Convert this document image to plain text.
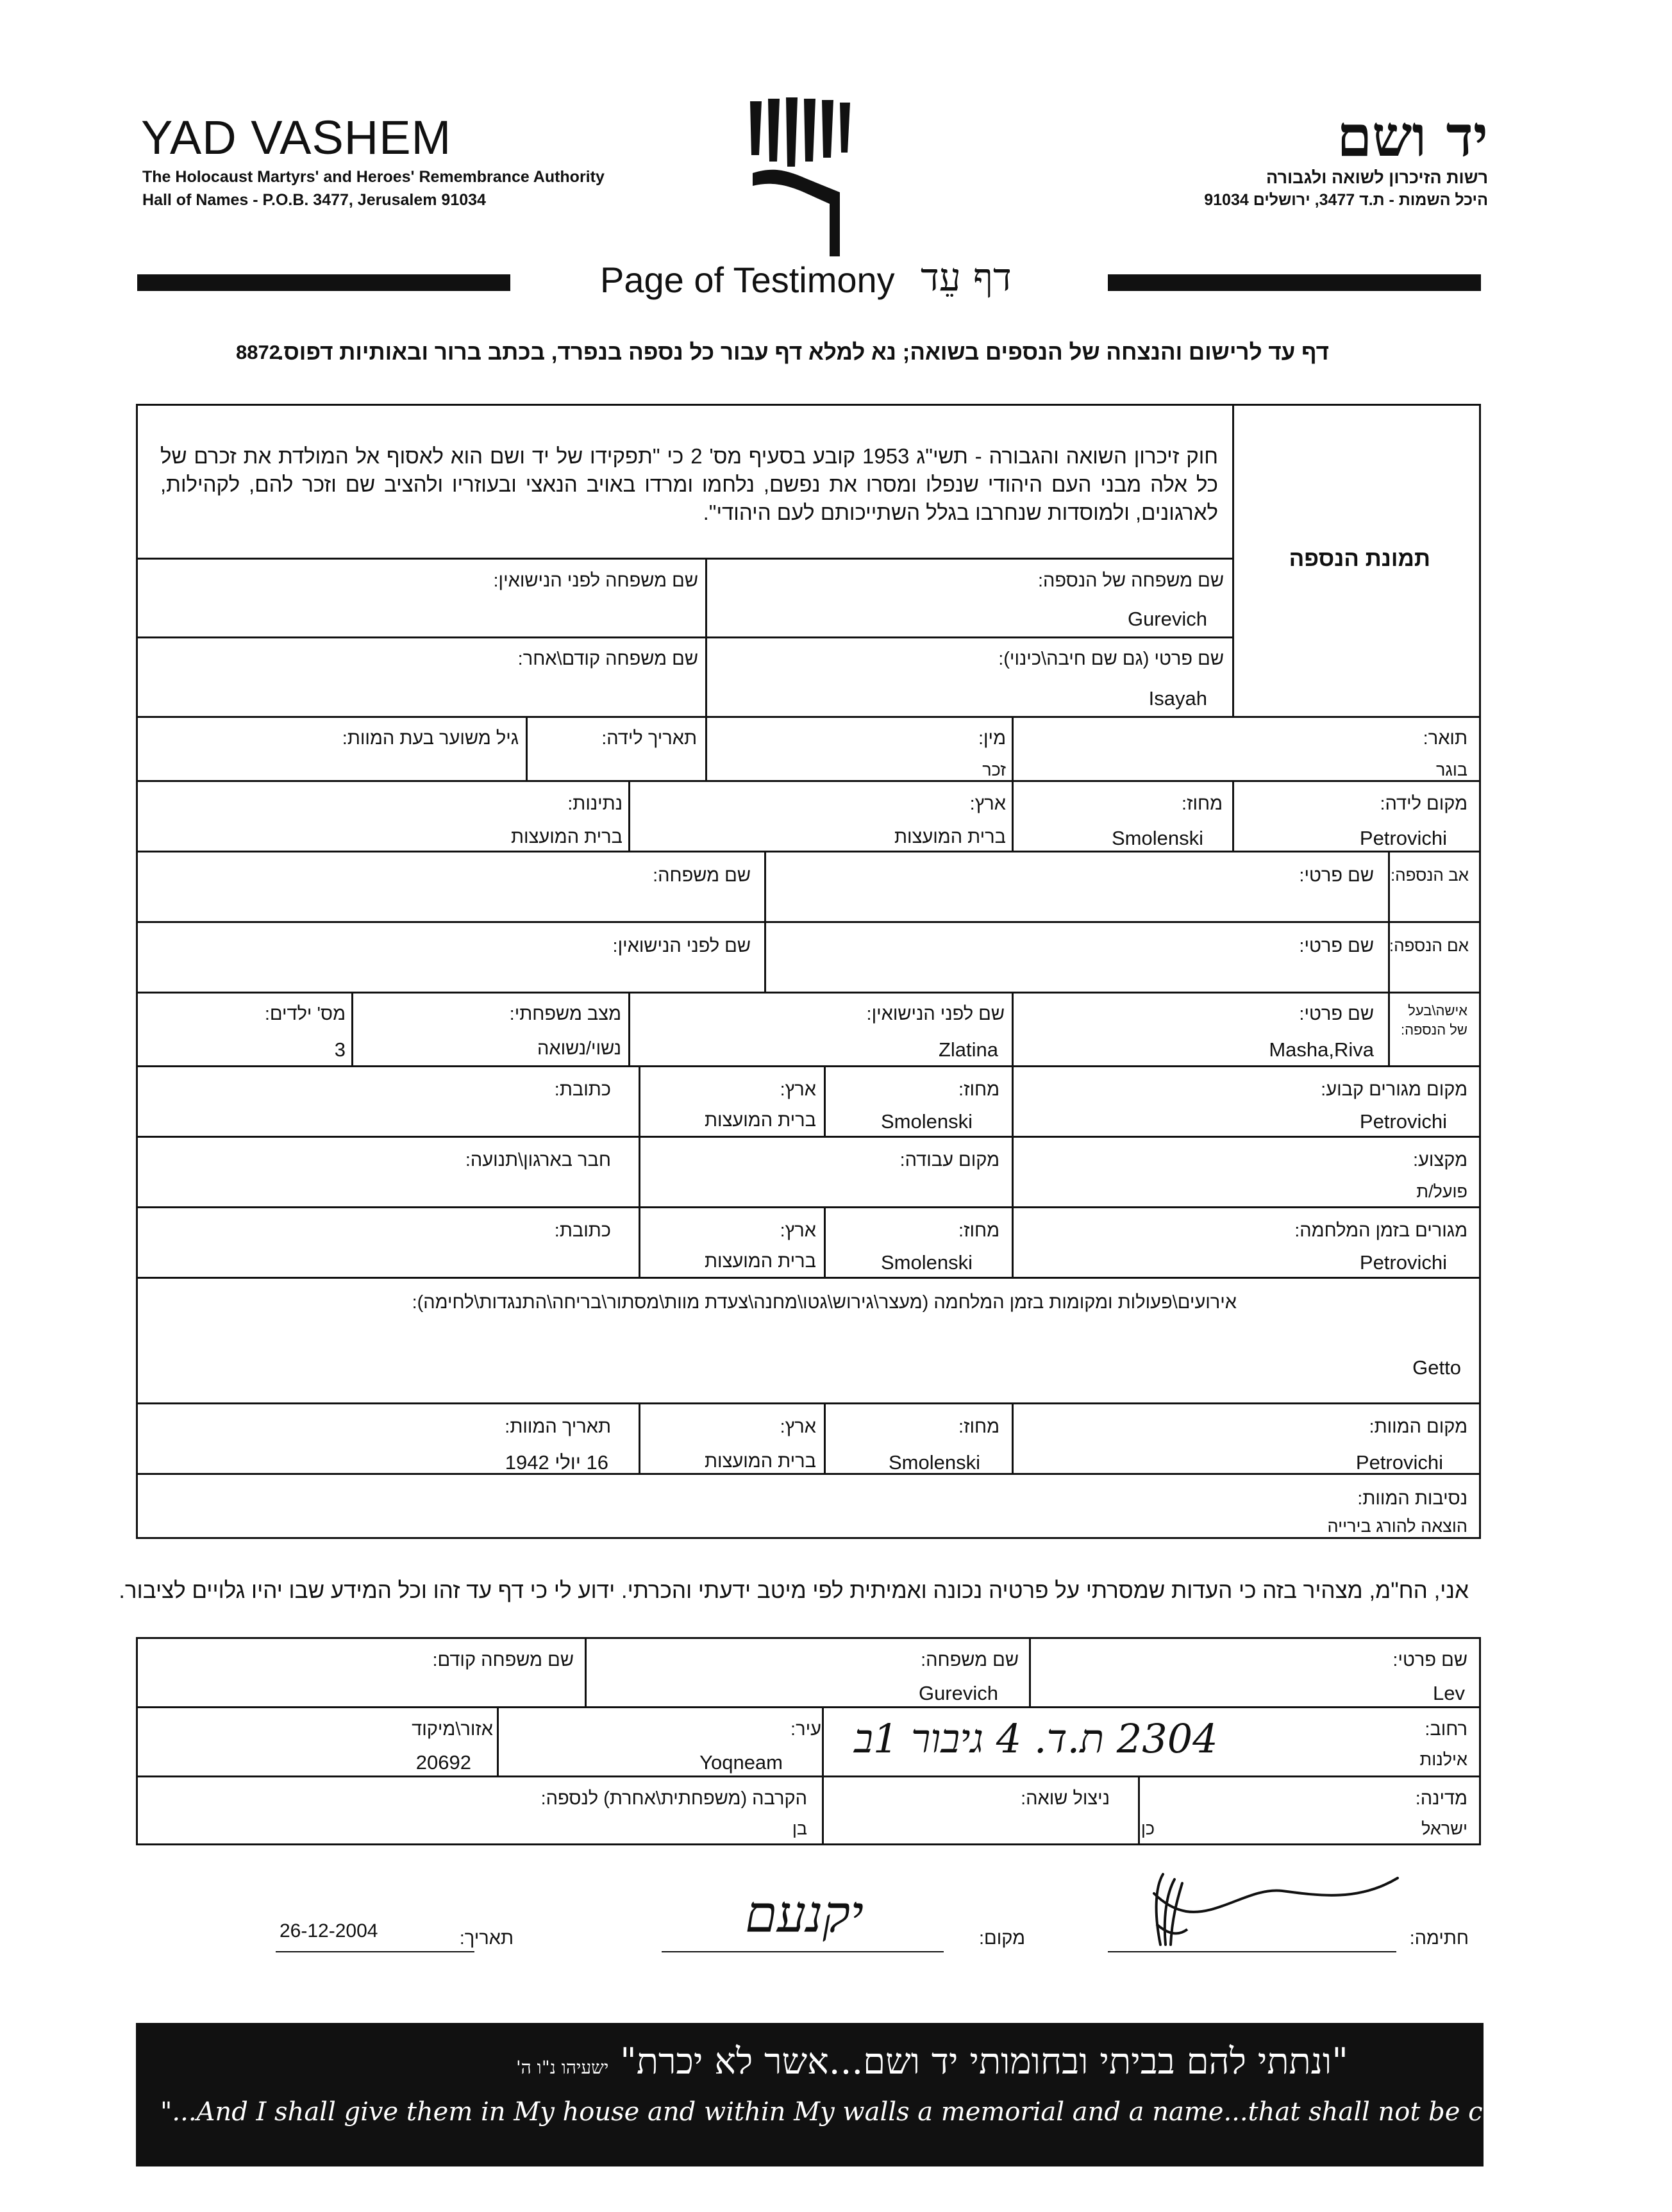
YAD VASHEM
The Holocaust Martyrs' and Heroes' Remembrance Authority
Hall of Names - P.O.B. 3477, Jerusalem 91034
יד ושם
רשות הזיכרון לשואה ולגבורה
היכל השמות - ת.ד 3477, ירושלים 91034
Page of Testimony דף עֵד
דף עד לרישום והנצחה של הנספים בשואה; נא למלא דף עבור כל נספה בנפרד, בכתב ברור ובאותיות דפוס.
8872
חוק זיכרון השואה והגבורה - תשי"ג 1953 קובע בסעיף מס' 2 כי "תפקידו של יד ושם הוא לאסוף אל המולדת את זכרם של כל אלה מבני העם היהודי שנפלו ומסרו את נפשם, נלחמו ומרדו באויב הנאצי ובעוזריו ולהציב שם וזכר להם, לקהילות, לארגונים, ולמוסדות שנחרבו בגלל השתייכותם לעם היהודי".
תמונת הנספה
שם משפחה של הנספה:
Gurevich
שם משפחה לפני הנישואין:
שם פרטי (גם שם חיבה\כינוי):
Isayah
שם משפחה קודם\אחר:
תואר:
בוגר
מין:
זכר
תאריך לידה:
גיל משוער בעת המוות:
מקום לידה:
Petrovichi
מחוז:
Smolenski
ארץ:
ברית המועצות
נתינות:
ברית המועצות
אב הנספה:
שם פרטי:
שם משפחה:
אם הנספה:
שם פרטי:
שם לפני הנישואין:
אישה\בעל
של הנספה:
שם פרטי:
Masha,Riva
שם לפני הנישואין:
Zlatina
מצב משפחתי:
נשוי/נשואה
מס' ילדים:
3
מקום מגורים קבוע:
Petrovichi
מחוז:
Smolenski
ארץ:
ברית המועצות
כתובת:
מקצוע:
פועל/ת
מקום עבודה:
חבר בארגון\תנועה:
מגורים בזמן המלחמה:
Petrovichi
מחוז:
Smolenski
ארץ:
ברית המועצות
כתובת:
אירועים\פעולות ומקומות בזמן המלחמה (מעצר\גירוש\גטו\מחנה\צעדת מוות\מסתור\בריחה\התנגדות\לחימה):
Getto
מקום המוות:
Petrovichi
מחוז:
Smolenski
ארץ:
ברית המועצות
תאריך המוות:
16 יולי 1942
נסיבות המוות:
הוצאה להורג בירייה
אני, הח"מ, מצהיר בזה כי העדות שמסרתי על פרטיה נכונה ואמיתית לפי מיטב ידעתי והכרתי. ידוע לי כי דף עד זהו וכל המידע שבו יהיו גלויים לציבור.
שם פרטי:
Lev
שם משפחה:
Gurevich
שם משפחה קודם:
רחוב:
אילנות
2304 ת.ד. 4 גיבור 1ב
עיר:
Yoqneam
אזור\מיקוד
20692
מדינה:
ישראל
ניצול שואה:
כן
הקרבה (משפחתית\אחרת) לנספה:
בן
חתימה:
מקום:
יקנעם
תאריך:
26-12-2004
"ונתתי להם בביתי ובחומותי יד ושם...אשר לא יכרת" ישעיהו נ"ו ה'
"...And I shall give them in My house and within My walls a memorial and a name...that shall not be cut off" Isaiah 56:5
